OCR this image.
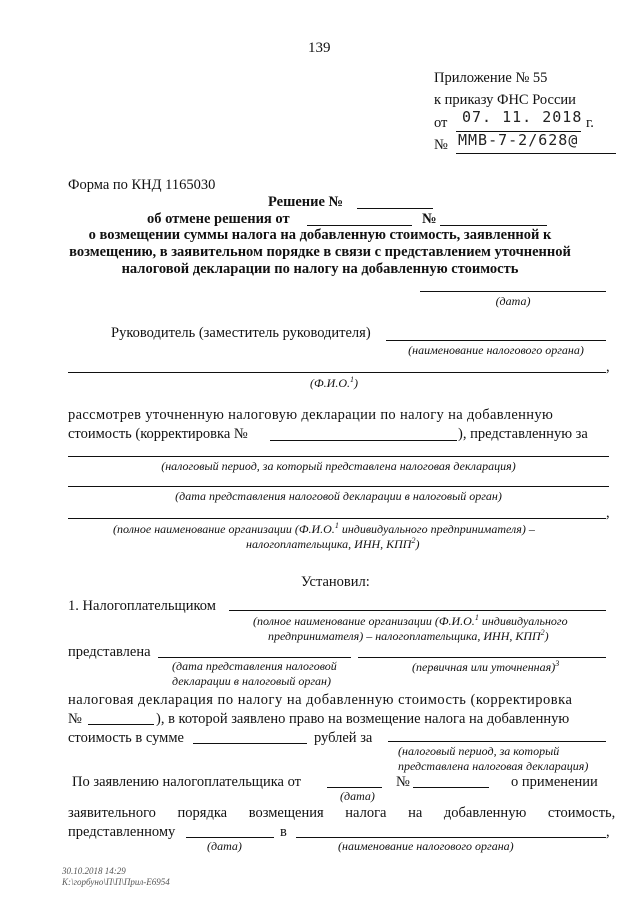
139
Приложение № 55
к приказу ФНС России
от 07. 11. 2018 г.
№ ММВ-7-2/628@
Форма по КНД 1165030
Решение №
об отмене решения от	№
о возмещении суммы налога на добавленную стоимость, заявленной к
возмещению, в заявительном порядке в связи с представлением уточненной
налоговой декларации по налогу на добавленную стоимость
(дата)
Руководитель (заместитель руководителя)
(наименование налогового органа)
,
(Ф.И.О.$^1$)
рассмотрев уточненную налоговую декларации по налогу на добавленную
стоимость (корректировка №	), представленную за
(налоговый период, за который представлена налоговая декларация)
(дата представления налоговой декларации в налоговый орган)
,
(полное наименование организации (Ф.И.О.$^1$ индивидуального предпринимателя) –
налогоплательщика, ИНН, КПП$^2$)
Установил:
1. Налогоплательщиком
(полное наименование организации (Ф.И.О.$^1$ индивидуального
предпринимателя) – налогоплательщика, ИНН, КПП$^2$)
представлена
(дата представления налоговой
декларации в налоговый орган)
(первичная или уточненная)$^3$
налоговая декларация по налогу на добавленную стоимость (корректировка
№	), в которой заявлено право на возмещение налога на добавленную
стоимость в сумме	рублей за
(налоговый период, за который
представлена налоговая декларация)
По заявлению налогоплательщика от	№	о применении
(дата)
заявительного порядка возмещения налога на добавленную стоимость,
представленному	в	,
(дата)	(наименование налогового органа)
30.10.2018 14:29
К:\горбуно\П\П\Прил-Е6954
